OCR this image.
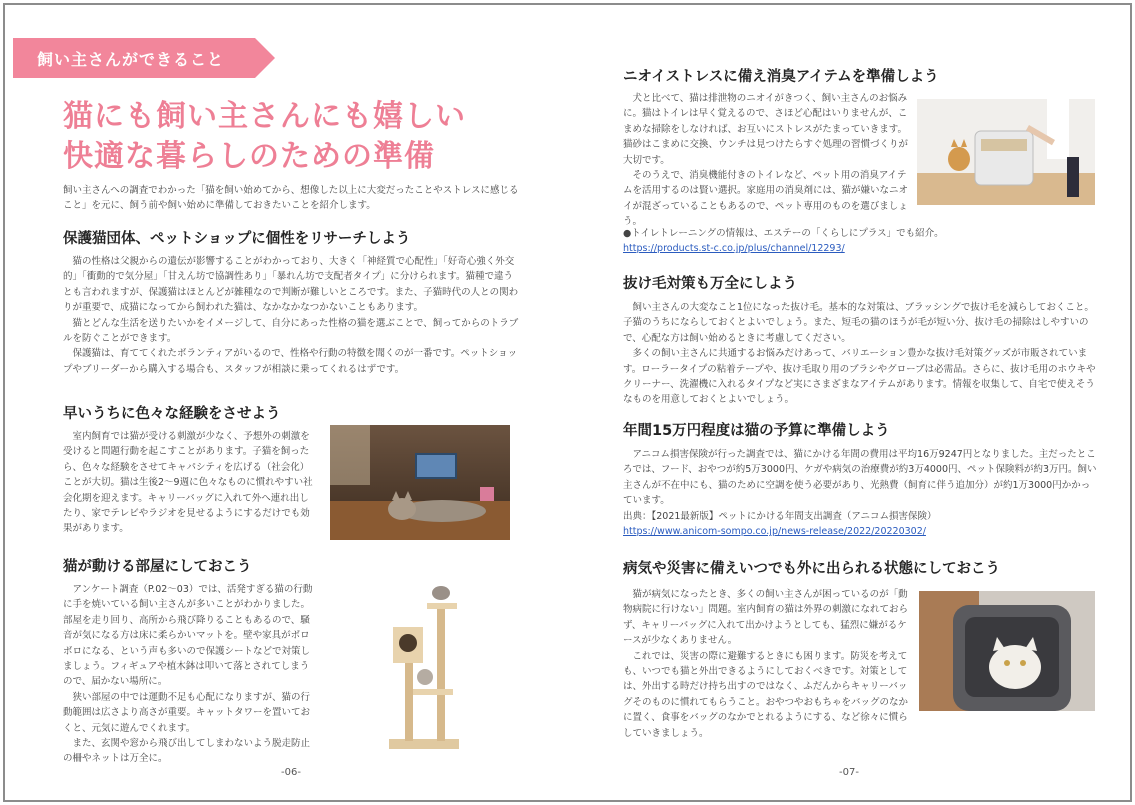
飼い主さんができること
猫にも飼い主さんにも嬉しい
快適な暮らしのための準備
飼い主さんへの調査でわかった「猫を飼い始めてから、想像した以上に大変だったことやストレスに感じること」を元に、飼う前や飼い始めに準備しておきたいことを紹介します。
保護猫団体、ペットショップに個性をリサーチしよう

猫の性格は父親からの遺伝が影響することがわかっており、大きく「神経質で心配性」「好奇心強く外交的」「衝動的で気分屋」「甘えん坊で協調性あり」「暴れん坊で支配者タイプ」に分けられます。猫種で違うとも言われますが、保護猫はほとんどが雑種なので判断が難しいところです。また、子猫時代の人との関わりが重要で、成猫になってから飼われた猫は、なかなかなつかないこともあります。

猫とどんな生活を送りたいかをイメージして、自分にあった性格の猫を選ぶことで、飼ってからのトラブルを防ぐことができます。

保護猫は、育ててくれたボランティアがいるので、性格や行動の特徴を聞くのが一番です。ペットショップやブリーダーから購入する場合も、スタッフが相談に乗ってくれるはずです。

早いうちに色々な経験をさせよう

室内飼育では猫が受ける刺激が少なく、予想外の刺激を受けると問題行動を起こすことがあります。子猫を飼ったら、色々な経験をさせてキャパシティを広げる（社会化）ことが大切。猫は生後2〜9週に色々なものに慣れやすい社会化期を迎えます。キャリーバッグに入れて外へ連れ出したり、家でテレビやラジオを見せるようにするだけでも効果があります。

猫が動ける部屋にしておこう

アンケート調査（P.02〜03）では、活発すぎる猫の行動に手を焼いている飼い主さんが多いことがわかりました。部屋を走り回り、高所から飛び降りることもあるので、騒音が気になる方は床に柔らかいマットを。壁や家具がボロボロになる、という声も多いので保護シートなどで対策しましょう。フィギュアや植木鉢は叩いて落とされてしまうので、届かない場所に。

狭い部屋の中では運動不足も心配になりますが、猫の行動範囲は広さより高さが重要。キャットタワーを置いておくと、元気に遊んでくれます。

また、玄関や窓から飛び出してしまわないよう脱走防止の柵やネットは万全に。

-06-
ニオイストレスに備え消臭アイテムを準備しよう

犬と比べて、猫は排泄物のニオイがきつく、飼い主さんのお悩みに。猫はトイレは早く覚えるので、さほど心配はいりませんが、こまめな掃除をしなければ、お互いにストレスがたまっていきます。猫砂はこまめに交換、ウンチは見つけたらすぐ処理の習慣づくりが大切です。

そのうえで、消臭機能付きのトイレなど、ペット用の消臭アイテムを活用するのは賢い選択。家庭用の消臭剤には、猫が嫌いなニオイが混ざっていることもあるので、ペット専用のものを選びましょう。

●トイレトレーニングの情報は、エステーの「くらしにプラス」でも紹介。

https://products.st-c.co.jp/plus/channel/12293/

抜け毛対策も万全にしよう

飼い主さんの大変なこと1位になった抜け毛。基本的な対策は、ブラッシングで抜け毛を減らしておくこと。子猫のうちにならしておくとよいでしょう。また、短毛の猫のほうが毛が短い分、抜け毛の掃除はしやすいので、心配な方は飼い始めるときに考慮してください。

多くの飼い主さんに共通するお悩みだけあって、バリエーション豊かな抜け毛対策グッズが市販されています。ローラータイプの粘着テープや、抜け毛取り用のブラシやグローブは必需品。さらに、抜け毛用のホウキやクリーナー、洗濯機に入れるタイプなど実にさまざまなアイテムがあります。情報を収集して、自宅で使えそうなものを用意しておくとよいでしょう。

年間15万円程度は猫の予算に準備しよう

アニコム損害保険が行った調査では、猫にかける年間の費用は平均16万9247円となりました。主だったところでは、フード、おやつが約5万3000円、ケガや病気の治療費が約3万4000円、ペット保険料が約3万円。飼い主さんが不在中にも、猫のために空調を使う必要があり、光熱費（飼育に伴う追加分）が約1万3000円かかっています。

出典：【2021最新版】ペットにかける年間支出調査（アニコム損害保険）

https://www.anicom-sompo.co.jp/news-release/2022/20220302/

病気や災害に備えいつでも外に出られる状態にしておこう

猫が病気になったとき、多くの飼い主さんが困っているのが「動物病院に行けない」問題。室内飼育の猫は外界の刺激になれておらず、キャリーバッグに入れて出かけようとしても、猛烈に嫌がるケースが少なくありません。

これでは、災害の際に避難するときにも困ります。防災を考えても、いつでも猫と外出できるようにしておくべきです。対策としては、外出する時だけ持ち出すのではなく、ふだんからキャリーバッグそのものに慣れてもらうこと。おやつやおもちゃをバッグのなかに置く、食事をバッグのなかでとれるようにする、など徐々に慣らしていきましょう。

-07-
